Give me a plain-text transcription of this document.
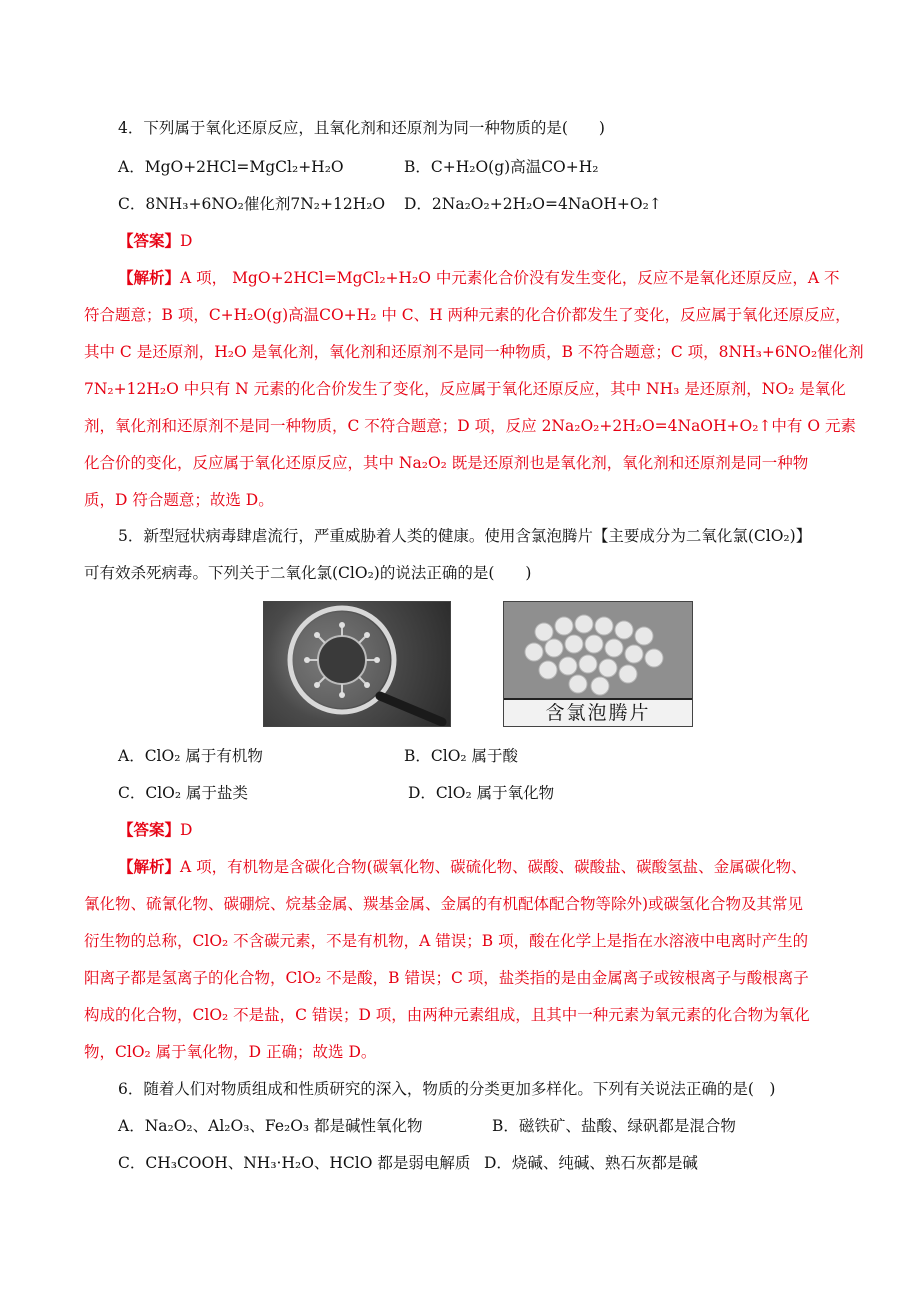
4．下列属于氧化还原反应，且氧化剂和还原剂为同一种物质的是(　　)
A．MgO+2HCl=MgCl₂+H₂O	B．C+H₂O(g)高温CO+H₂
C．8NH₃+6NO₂催化剂7N₂+12H₂O D．2Na₂O₂+2H₂O=4NaOH+O₂↑
【答案】D
【解析】A 项， MgO+2HCl=MgCl₂+H₂O 中元素化合价没有发生变化，反应不是氧化还原反应，A 不
符合题意；B 项，C+H₂O(g)高温CO+H₂ 中 C、H 两种元素的化合价都发生了变化，反应属于氧化还原反应，
其中 C 是还原剂，H₂O 是氧化剂，氧化剂和还原剂不是同一种物质，B 不符合题意；C 项，8NH₃+6NO₂催化剂
7N₂+12H₂O 中只有 N 元素的化合价发生了变化，反应属于氧化还原反应，其中 NH₃ 是还原剂，NO₂ 是氧化
剂，氧化剂和还原剂不是同一种物质，C 不符合题意；D 项，反应 2Na₂O₂+2H₂O=4NaOH+O₂↑中有 O 元素
化合价的变化，反应属于氧化还原反应，其中 Na₂O₂ 既是还原剂也是氧化剂，氧化剂和还原剂是同一种物
质，D 符合题意；故选 D。
5．新型冠状病毒肆虐流行，严重威胁着人类的健康。使用含氯泡腾片【主要成分为二氧化氯(ClO₂)】
可有效杀死病毒。下列关于二氧化氯(ClO₂)的说法正确的是(　　)
含氯泡腾片
A．ClO₂ 属于有机物	B．ClO₂ 属于酸
C．ClO₂ 属于盐类	D．ClO₂ 属于氧化物
【答案】D
【解析】A 项，有机物是含碳化合物(碳氧化物、碳硫化物、碳酸、碳酸盐、碳酸氢盐、金属碳化物、
氰化物、硫氰化物、碳硼烷、烷基金属、羰基金属、金属的有机配体配合物等除外)或碳氢化合物及其常见
衍生物的总称，ClO₂ 不含碳元素，不是有机物，A 错误；B 项，酸在化学上是指在水溶液中电离时产生的
阳离子都是氢离子的化合物，ClO₂ 不是酸，B 错误；C 项，盐类指的是由金属离子或铵根离子与酸根离子
构成的化合物，ClO₂ 不是盐，C 错误；D 项，由两种元素组成，且其中一种元素为氧元素的化合物为氧化
物，ClO₂ 属于氧化物，D 正确；故选 D。
6．随着人们对物质组成和性质研究的深入，物质的分类更加多样化。下列有关说法正确的是(　)
A．Na₂O₂、Al₂O₃、Fe₂O₃ 都是碱性氧化物	B．磁铁矿、盐酸、绿矾都是混合物
C．CH₃COOH、NH₃·H₂O、HClO 都是弱电解质 D．烧碱、纯碱、熟石灰都是碱
